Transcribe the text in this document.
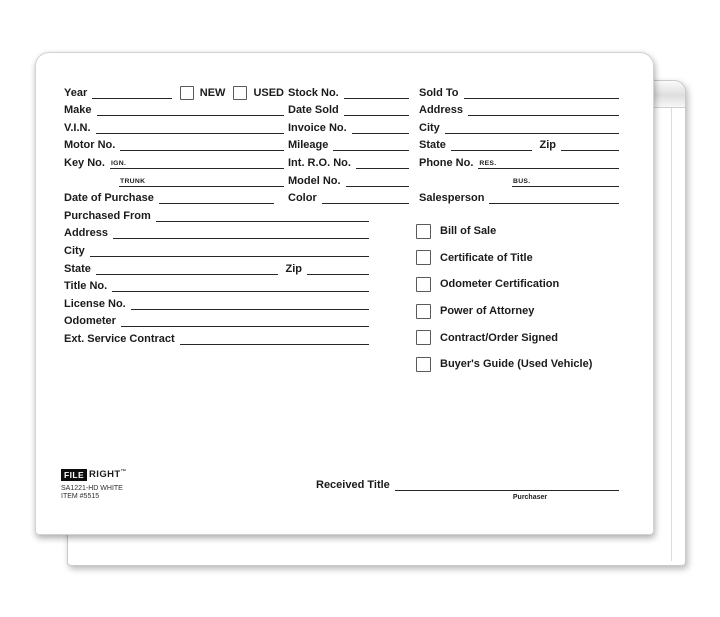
Year	NEW	USED
Make
V.I.N.
Motor No.
Key No. IGN.
TRUNK
Date of Purchase
Purchased From
Address
City
State	Zip
Title No.
License No.
Odometer
Ext. Service Contract
Stock No.
Date Sold
Invoice No.
Mileage
Int. R.O. No.
Model No.
Color
Sold To
Address
City
State	Zip
Phone No. RES.
BUS.
Salesperson
Bill of Sale
Certificate of Title
Odometer Certification
Power of Attorney
Contract/Order Signed
Buyer's Guide (Used Vehicle)
FILE RIGHT™
SA1221-HD WHITE
ITEM #5515
Received Title
Purchaser
